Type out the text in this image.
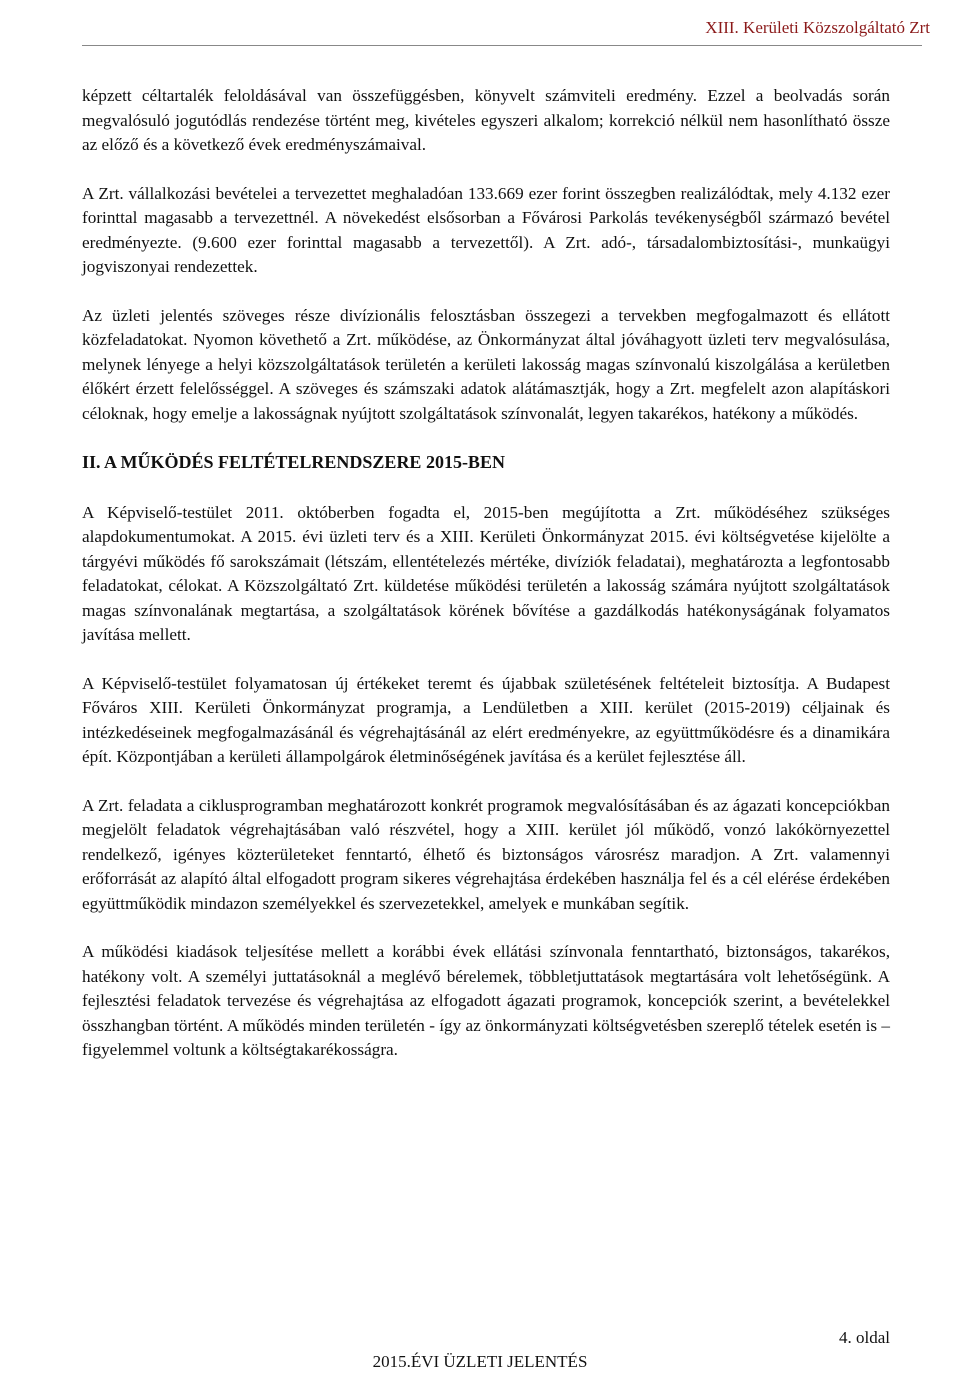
XIII. Kerületi Közszolgáltató Zrt

képzett céltartalék feloldásával van összefüggésben, könyvelt számviteli eredmény. Ezzel a beolvadás során megvalósuló jogutódlás rendezése történt meg, kivételes egyszeri alkalom; korrekció nélkül nem hasonlítható össze az előző és a következő évek eredményszámaival.

A Zrt. vállalkozási bevételei a tervezettet meghaladóan 133.669 ezer forint összegben realizálódtak, mely 4.132 ezer forinttal magasabb a tervezettnél. A növekedést elsősorban a Fővárosi Parkolás tevékenységből származó bevétel eredményezte. (9.600 ezer forinttal magasabb a tervezettől). A Zrt. adó-, társadalombiztosítási-, munkaügyi jogviszonyai rendezettek.

Az üzleti jelentés szöveges része divízionális felosztásban összegezi a tervekben megfogalmazott és ellátott közfeladatokat. Nyomon követhető a Zrt. működése, az Önkormányzat által jóváhagyott üzleti terv megvalósulása, melynek lényege a helyi közszolgáltatások területén a kerületi lakosság magas színvonalú kiszolgálása a kerületben élőkért érzett felelősséggel. A szöveges és számszaki adatok alátámasztják, hogy a Zrt. megfelelt azon alapításkori céloknak, hogy emelje a lakosságnak nyújtott szolgáltatások színvonalát, legyen takarékos, hatékony a működés.

II. A MŰKÖDÉS FELTÉTELRENDSZERE 2015-BEN

A Képviselő-testület 2011. októberben fogadta el, 2015-ben megújította a Zrt. működéséhez szükséges alapdokumentumokat. A 2015. évi üzleti terv és a XIII. Kerületi Önkormányzat 2015. évi költségvetése kijelölte a tárgyévi működés fő sarokszámait (létszám, ellentételezés mértéke, divíziók feladatai), meghatározta a legfontosabb feladatokat, célokat. A Közszolgáltató Zrt. küldetése működési területén a lakosság számára nyújtott szolgáltatások magas színvonalának megtartása, a szolgáltatások körének bővítése a gazdálkodás hatékonyságának folyamatos javítása mellett.

A Képviselő-testület folyamatosan új értékeket teremt és újabbak születésének feltételeit biztosítja. A Budapest Főváros XIII. Kerületi Önkormányzat programja, a Lendületben a XIII. kerület (2015-2019) céljainak és intézkedéseinek megfogalmazásánál és végrehajtásánál az elért eredményekre, az együttműködésre és a dinamikára épít. Központjában a kerületi állampolgárok életminőségének javítása és a kerület fejlesztése áll.

A Zrt. feladata a ciklusprogramban meghatározott konkrét programok megvalósításában és az ágazati koncepciókban megjelölt feladatok végrehajtásában való részvétel, hogy a XIII. kerület jól működő, vonzó lakókörnyezettel rendelkező, igényes közterületeket fenntartó, élhető és biztonságos városrész maradjon. A Zrt. valamennyi erőforrását az alapító által elfogadott program sikeres végrehajtása érdekében használja fel és a cél elérése érdekében együttműködik mindazon személyekkel és szervezetekkel, amelyek e munkában segítik.

A működési kiadások teljesítése mellett a korábbi évek ellátási színvonala fenntartható, biztonságos, takarékos, hatékony volt. A személyi juttatásoknál a meglévő bérelemek, többletjuttatások megtartására volt lehetőségünk. A fejlesztési feladatok tervezése és végrehajtása az elfogadott ágazati programok, koncepciók szerint, a bevételekkel összhangban történt. A működés minden területén - így az önkormányzati költségvetésben szereplő tételek esetén is – figyelemmel voltunk a költségtakarékosságra.

4. oldal
2015.ÉVI ÜZLETI JELENTÉS
